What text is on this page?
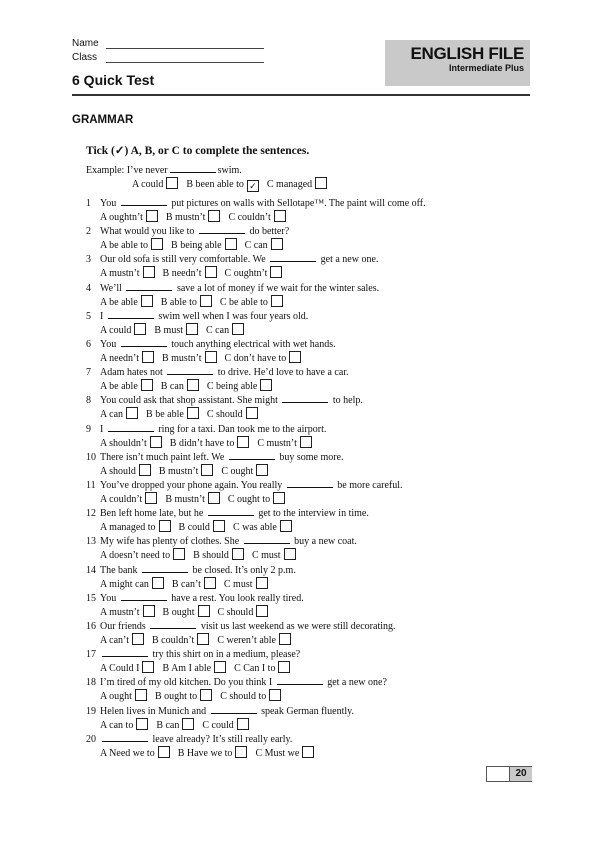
Name
Class
6 Quick Test
ENGLISH FILE
Intermediate Plus
GRAMMAR
Tick (✓) A, B, or C to complete the sentences.
20
Example: I’ve never	swim.
A could B been able to ✓ C managed
1 You	put pictures on walls with Sellotape™. The paint will come off.
A oughtn’t B mustn’t C couldn’t
2 What would you like to	do better?
A be able to B being able C can
3 Our old sofa is still very comfortable. We	get a new one.
A mustn’t B needn’t C oughtn’t
4 We’ll	save a lot of money if we wait for the winter sales.
A be able B able to C be able to
5 I	swim well when I was four years old.
A could B must C can
6 You	touch anything electrical with wet hands.
A needn’t B mustn’t C don’t have to
7 Adam hates not	to drive. He’d love to have a car.
A be able B can C being able
8 You could ask that shop assistant. She might	to help.
A can B be able C should
9 I	ring for a taxi. Dan took me to the airport.
A shouldn’t B didn’t have to C mustn’t
10 There isn’t much paint left. We	buy some more.
A should B mustn’t C ought
11 You’ve dropped your phone again. You really	be more careful.
A couldn’t B mustn’t C ought to
12 Ben left home late, but he	get to the interview in time.
A managed to B could C was able
13 My wife has plenty of clothes. She	buy a new coat.
A doesn’t need to B should C must
14 The bank	be closed. It’s only 2 p.m.
A might can B can’t C must
15 You	have a rest. You look really tired.
A mustn’t B ought C should
16 Our friends	visit us last weekend as we were still decorating.
A can’t B couldn’t C weren’t able
17	try this shirt on in a medium, please?
A Could I B Am I able C Can I to
18 I’m tired of my old kitchen. Do you think I	get a new one?
A ought B ought to C should to
19 Helen lives in Munich and	speak German fluently.
A can to B can C could
20	leave already? It’s still really early.
A Need we to B Have we to C Must we
